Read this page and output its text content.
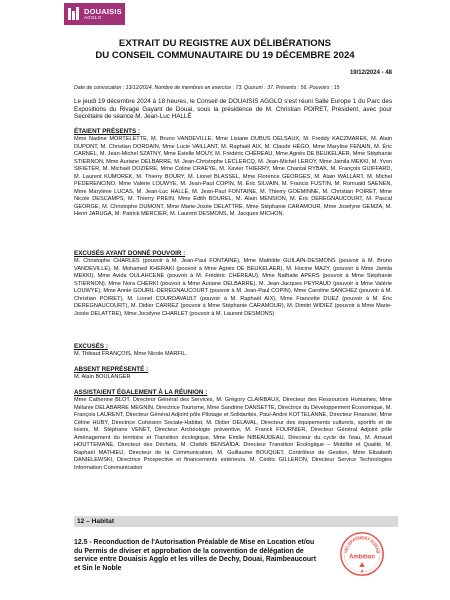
DOUAISIS
AGGLO
EXTRAIT DU REGISTRE AUX DÉLIBÉRATIONS
DU CONSEIL COMMUNAUTAIRE DU 19 DÉCEMBRE 2024
19/12/2024 - 48
Date de convocation : 13/12/2024. Nombre de membres en exercice : 73. Quorum : 37. Présents : 56. Pouvoirs : 15
Le jeudi 19 décembre 2024 à 18 heures, le Conseil de DOUAISIS AGGLO s'est réuni Salle Europe 1 du Parc des Expositions du Rivage Gayant de Douai, sous la présidence de M. Christian POIRET, Président, avec pour Secrétaire de séance M. Jean-Luc HALLÉ
ÉTAIENT PRÉSENTS :
Mme Nadine MORTELETTE, M. Bruno VANDEVILLE, Mme Lisiane DUBUS DELSAUX, M. Freddy KACZMAREK, M. Alain DUPONT, M. Christian DORDAIN, Mme Lucie VAILLANT, M. Raphaël AIX, M. Claude HÉGO, Mme Marylise FENAIN, M. Éric CARNEL, M. Jean-Michel SZATNY, Mme Estelle MOUY, M. Frédéric CHÉREAU, Mme Agnès DE BEUKELAER, Mme Stéphanie STIERNON, Mme Auriane DELBARRE, M. Jean-Christophe LECLERCQ, M. Jean-Michel LEROY, Mme Jamila MEKKI, M. Yvon SIFIETER, M. Michaël DOZIÈRE, Mme Coline CRAEYE, M. Xavier THIERRY, Mme Chantal RYBAK, M. François GUIFFARD, M. Laurent KUMOREK, M. Thierry BOURY, M. Lionel BLASSEL, Mme Florence GEORGES, M. Alain WALLART, M. Michel PEDERENCINO, Mme Valérie LOUWYE, M. Jean-Paul COPIN, M. Éric SILVAIN, M. Francis FUSTIN, M. Romuald SAENEN, Mme Marylène LUCAS, M. Jean-Luc HALLÉ, M. Jean-Paul FONTAINE, M. Thierry GOEMINNE, M. Christian POIRET, Mme Nicole DESCAMPS, M. Thierry PREIN, Mme Edith BOUREL, M. Alain MENSION, M. Éric DEREGNAUCOURT, M. Pascal GEORGE, M. Christophe DUMONT, Mme Marie-Josée DELATTRE, Mme Stéphanie CARAMOUR, Mme Joselyne GEMZA, M. Henri JARUGA, M. Patrick MERCIER, M. Laurent DESMONS, M. Jacques MICHON.
EXCUSÉS AYANT DONNÉ POUVOIR :
M. Christophe CHARLES (pouvoir à M. Jean-Paul FONTAINE), Mme Mathilde GUILAIN-DESMONS (pouvoir à M. Bruno VANDEVILLE), M. Mohamed KHERAKI (pouvoir à Mme Agnès DE BEUKELAER), M. Hocine MAZY, (pouvoir à Mme Jamila MEKKI), Mme Avida OULAHCENE (pouvoir à M. Frédéric CHÉREAU), Mme Nathalie APERS (pouvoir à Mme Stéphanie STIERNON), Mme Nora CHERKI (pouvoir à Mme Auriane DELBARRE), M. Jean-Jacques PEYRAUD (pouvoir à Mme Valérie LOUWYE), Mme Annie GOURIL-DEREGNAUCOURT (pouvoir à M. Jean-Paul COPIN), Mme Caroline SANCHEZ (pouvoir à M. Christian POIRET), M. Lionel COURDAVAULT (pouvoir à M. Raphaël AIX), Mme Francette DUEZ (pouvoir à M. Éric DEREGNAUCOURT), M. Didier CARREZ (pouvoir à Mme Stéphanie CARAMOUR), M. Dimitri WIDIEZ (pouvoir à Mme Marie-Josée DELATTRE), Mme Jocelyne CHARLET (pouvoir à M. Laurent DESMONS)
EXCUSÉS :
M. Thibaut FRANÇOIS, Mme Nicole MARFIL.
ABSENT REPRÉSENTÉ :
M. Alain BOULANGER
ASSISTAIENT ÉGALEMENT À LA RÉUNION :
Mme Catherine BLOT, Directeur Général des Services, M. Grégory CLAIRBAUX, Directeur des Ressources Humaines, Mme Mélanie DELABARRE MEGNIN, Directrice Tourisme, Mme Sandrine DANSETTE, Directrice du Développement Économique, M. François LAURENT, Directeur Général Adjoint pôle Pilotage et Solidarités, Paul-André KOTTELANNE, Directeur Financier, Mme Céline HUBY, Directrice Cohésion Sociale-Habitat, M. Didier DELAVAL, Directeur des équipements culturels, sportifs et de loisirs, M. Stéphane VENET, Directeur Archéologie préventive, M. Franck FOURNIER, Directeur Général Adjoint pôle Aménagement du territoire et Transition écologique, Mme Emilie NIBEAUDEAU, Directeur du cycle de l'eau, M. Arnaud HOUTTEMANE, Directeur des Déchets, M. Chékib BENSAÏDA, Directeur Transition Écologique – Mobilité et Qualité, M. Raphaël MATHIEU, Directeur de la Communication, M. Guillaume BOUQUET, Contrôleur de Gestion, Mme Elisabeth DANIELEWSKI, Directrice Prospective et financements extérieurs, M. Cédric GILLERON, Directeur Service Technologies Information Communication
12 – Habitat
12.5 - Reconduction de l'Autorisation Préalable de Mise en Location et/ou du Permis de diviser et approbation de la convention de délégation de service entre Douaisis Agglo et les villes de Dechy, Douai, Raimbeaucourt et Sin le Noble
VELOPPEMENT DURAB
Ambition
4
